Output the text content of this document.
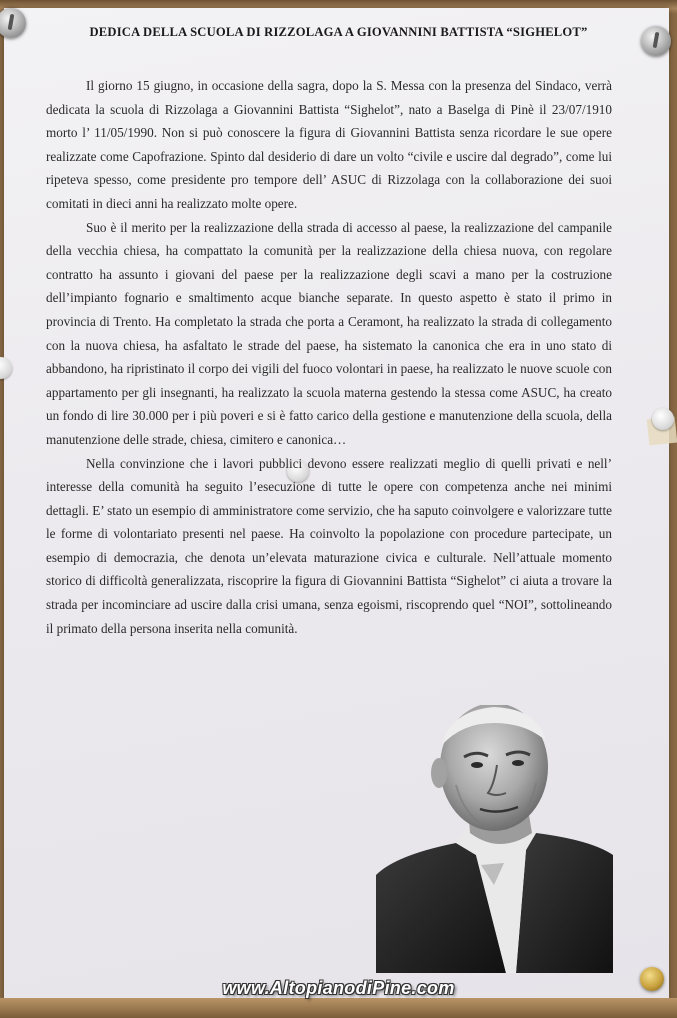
DEDICA DELLA SCUOLA DI RIZZOLAGA A GIOVANNINI BATTISTA “SIGHELOT”

Il giorno 15 giugno, in occasione della sagra, dopo la S. Messa con la presenza del Sindaco, verrà dedicata la scuola di Rizzolaga a Giovannini Battista “Sighelot”, nato a Baselga di Pinè il 23/07/1910 morto l’ 11/05/1990. Non si può conoscere la figura di Giovannini Battista senza ricordare le sue opere realizzate come Capofrazione. Spinto dal desiderio di dare un volto “civile e uscire dal degrado”, come lui ripeteva spesso, come presidente pro tempore dell’ ASUC di Rizzolaga con la collaborazione dei suoi comitati in dieci anni ha realizzato molte opere.

Suo è il merito per la realizzazione della strada di accesso al paese, la realizzazione del campanile della vecchia chiesa, ha compattato la comunità per la realizzazione della chiesa nuova, con regolare contratto ha assunto i giovani del paese per la realizzazione degli scavi a mano per la costruzione dell’impianto fognario e smaltimento acque bianche separate. In questo aspetto è stato il primo in provincia di Trento. Ha completato la strada che porta a Ceramont, ha realizzato la strada di collegamento con la nuova chiesa, ha asfaltato le strade del paese, ha sistemato la canonica che era in uno stato di abbandono, ha ripristinato il corpo dei vigili del fuoco volontari in paese, ha realizzato le nuove scuole con appartamento per gli insegnanti, ha realizzato la scuola materna gestendo la stessa come ASUC, ha creato un fondo di lire 30.000 per i più poveri e si è fatto carico della gestione e manutenzione della scuola, della manutenzione delle strade, chiesa, cimitero e canonica…

Nella convinzione che i lavori pubblici devono essere realizzati meglio di quelli privati e nell’ interesse della comunità ha seguito l’esecuzione di tutte le opere con competenza anche nei minimi dettagli. E’ stato un esempio di amministratore come servizio, che ha saputo coinvolgere e valorizzare tutte le forme di volontariato presenti nel paese. Ha coinvolto la popolazione con procedure partecipate, un esempio di democrazia, che denota un’elevata maturazione civica e culturale. Nell’attuale momento storico di difficoltà generalizzata, riscoprire la figura di Giovannini Battista “Sighelot” ci aiuta a trovare la strada per incominciare ad uscire dalla crisi umana, senza egoismi, riscoprendo quel “NOI”, sottolineando il primato della persona inserita nella comunità.

www.AltopianodiPine.com
